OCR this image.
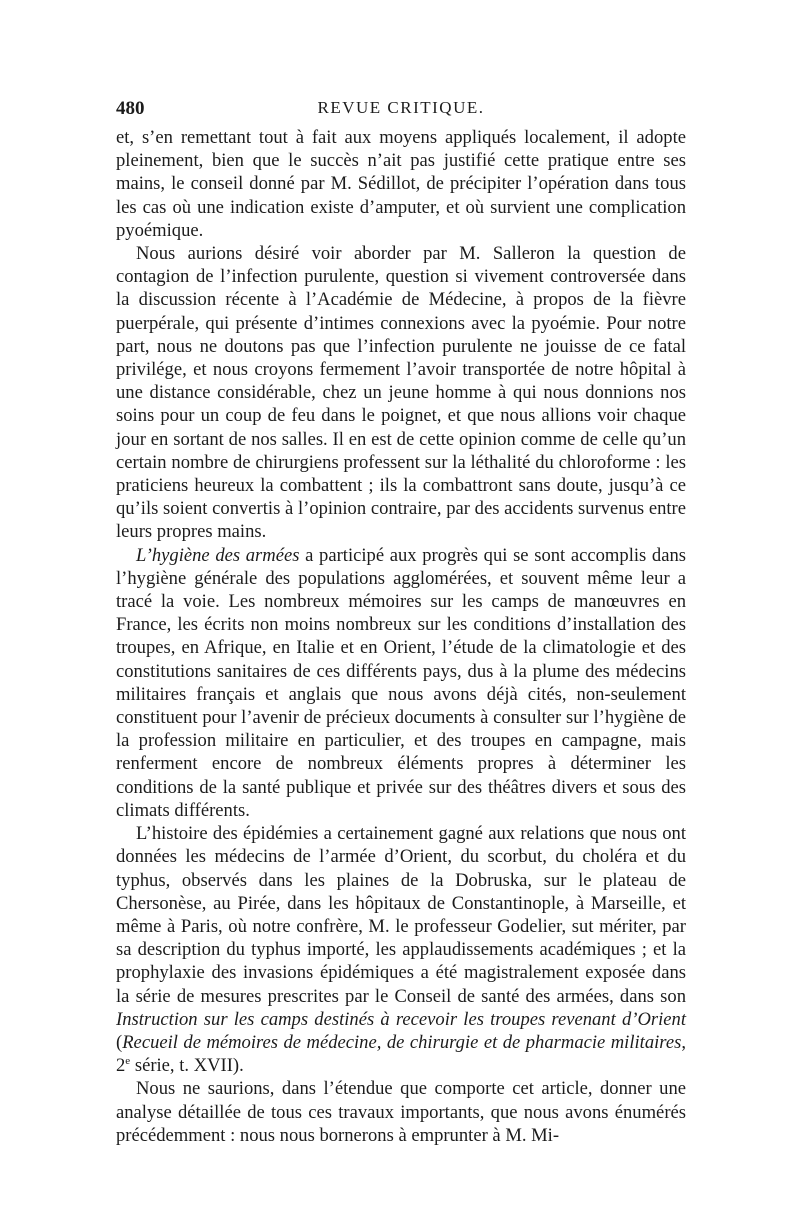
480	REVUE CRITIQUE.

et, s’en remettant tout à fait aux moyens appliqués localement, il adopte pleinement, bien que le succès n’ait pas justifié cette pratique entre ses mains, le conseil donné par M. Sédillot, de précipiter l’opération dans tous les cas où une indication existe d’amputer, et où survient une complication pyoémique.

Nous aurions désiré voir aborder par M. Salleron la question de contagion de l’infection purulente, question si vivement controversée dans la discussion récente à l’Académie de Médecine, à propos de la fièvre puerpérale, qui présente d’intimes connexions avec la pyoémie. Pour notre part, nous ne doutons pas que l’infection purulente ne jouisse de ce fatal privilége, et nous croyons fermement l’avoir transportée de notre hôpital à une distance considérable, chez un jeune homme à qui nous donnions nos soins pour un coup de feu dans le poignet, et que nous allions voir chaque jour en sortant de nos salles. Il en est de cette opinion comme de celle qu’un certain nombre de chirurgiens professent sur la léthalité du chloroforme : les praticiens heureux la combattent ; ils la combattront sans doute, jusqu’à ce qu’ils soient convertis à l’opinion contraire, par des accidents survenus entre leurs propres mains.

L’hygiène des armées a participé aux progrès qui se sont accomplis dans l’hygiène générale des populations agglomérées, et souvent même leur a tracé la voie. Les nombreux mémoires sur les camps de manœuvres en France, les écrits non moins nombreux sur les conditions d’installation des troupes, en Afrique, en Italie et en Orient, l’étude de la climatologie et des constitutions sanitaires de ces différents pays, dus à la plume des médecins militaires français et anglais que nous avons déjà cités, non-seulement constituent pour l’avenir de précieux documents à consulter sur l’hygiène de la profession militaire en particulier, et des troupes en campagne, mais renferment encore de nombreux éléments propres à déterminer les conditions de la santé publique et privée sur des théâtres divers et sous des climats différents.

L’histoire des épidémies a certainement gagné aux relations que nous ont données les médecins de l’armée d’Orient, du scorbut, du choléra et du typhus, observés dans les plaines de la Dobruska, sur le plateau de Chersonèse, au Pirée, dans les hôpitaux de Constantinople, à Marseille, et même à Paris, où notre confrère, M. le professeur Godelier, sut mériter, par sa description du typhus importé, les applaudissements académiques ; et la prophylaxie des invasions épidémiques a été magistralement exposée dans la série de mesures prescrites par le Conseil de santé des armées, dans son Instruction sur les camps destinés à recevoir les troupes revenant d’Orient (Recueil de mémoires de médecine, de chirurgie et de pharmacie militaires, 2e série, t. XVII).

Nous ne saurions, dans l’étendue que comporte cet article, donner une analyse détaillée de tous ces travaux importants, que nous avons énumérés précédemment : nous nous bornerons à emprunter à M. Mi-
